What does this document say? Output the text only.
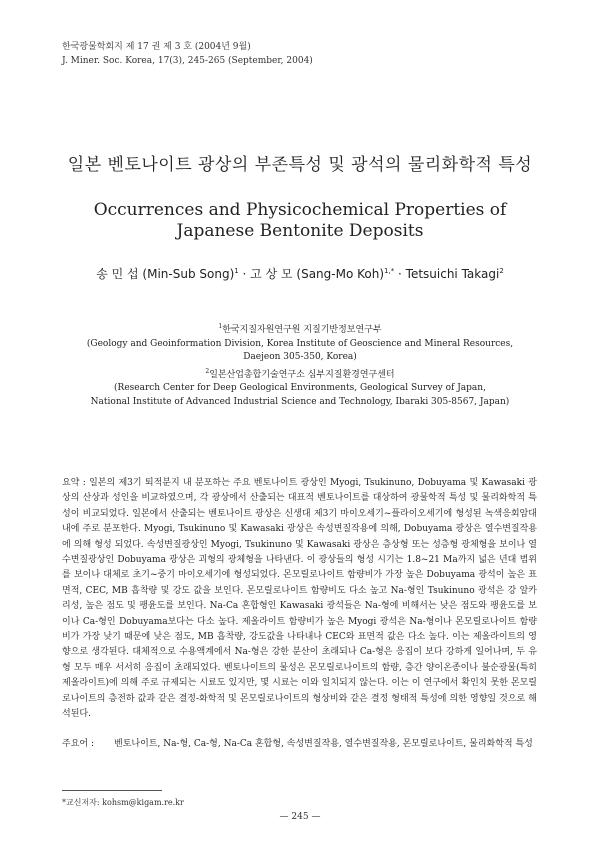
한국광물학회지 제 17 권 제 3 호 (2004년 9월)
J. Miner. Soc. Korea, 17(3), 245-265 (September, 2004)
일본 벤토나이트 광상의 부존특성 및 광석의 물리화학적 특성
Occurrences and Physicochemical Properties of
Japanese Bentonite Deposits
송 민 섭 (Min-Sub Song)$^1$ · 고 상 모 (Sang-Mo Koh)$^{1,*}$ · Tetsuichi Takagi$^2$
$^1$한국지질자원연구원 지질기반정보연구부
(Geology and Geoinformation Division, Korea Institute of Geoscience and Mineral Resources,
Daejeon 305-350, Korea)
$^2$일본산업총합기술연구소 심부지질환경연구센터
(Research Center for Deep Geological Environments, Geological Survey of Japan,
National Institute of Advanced Industrial Science and Technology, Ibaraki 305-8567, Japan)
요약 : 일본의 제3기 퇴적분지 내 분포하는 주요 벤토나이트 광상인 Myogi, Tsukinuno, Dobuyama 및 Kawasaki 광상의 산상과 성인을 비교하였으며, 각 광상에서 산출되는 대표적 벤토나이트를 대상하여 광물학적 특성 및 물리화학적 특성이 비교되었다. 일본에서 산출되는 벤토나이트 광상은 신생대 제3기 마이오세기~플라이오세기에 형성된 녹색응회암대 내에 주로 분포한다. Myogi, Tsukinuno 및 Kawasaki 광상은 속성변질작용에 의해, Dobuyama 광상은 열수변질작용에 의해 형성 되었다. 속성변질광상인 Myogi, Tsukinuno 및 Kawasaki 광상은 층상형 또는 성층형 광체형을 보이나 열수변질광상인 Dobuyama 광상은 괴형의 광체형을 나타낸다. 이 광상들의 형성 시기는 1.8~21 Ma까지 넓은 년대 범위를 보이나 대체로 초기~중기 마이오세기에 형성되었다. 몬모릴로나이트 함량비가 가장 높은 Dobuyama 광석이 높은 표면적, CEC, MB 흡착량 및 강도 값을 보인다. 몬모릴로나이트 함량비도 다소 높고 Na-형인 Tsukinuno 광석은 강 알카리성, 높은 점도 및 팽윤도를 보인다. Na-Ca 혼합형인 Kawasaki 광석들은 Na-형에 비해서는 낮은 점도와 팽윤도를 보이나 Ca-형인 Dobuyama보다는 다소 높다. 제올라이트 함량비가 높은 Myogi 광석은 Na-형이나 몬모릴로나이트 함량비가 가장 낮기 때문에 낮은 점도, MB 흡착량, 강도값을 나타내나 CEC와 표면적 값은 다소 높다. 이는 제올라이트의 영향으로 생각된다. 대체적으로 수용액계에서 Na-형은 강한 분산이 초래되나 Ca-형은 응집이 보다 강하게 일어나며, 두 유형 모두 매우 서서히 응집이 초래되었다. 벤토나이트의 물성은 몬모릴로나이트의 함량, 층간 양이온종이나 불순광물(특히 제올라이트)에 의해 주로 규제되는 시료도 있지만, 몇 시료는 이와 일치되지 않는다. 이는 이 연구에서 확인치 못한 몬모릴로나이트의 층전하 값과 같은 결정-화학적 및 몬모릴로나이트의 형상비와 같은 결정 형태적 특성에 의한 영향일 것으로 해석된다.
주요어 : 벤토나이트, Na-형, Ca-형, Na-Ca 혼합형, 속성변질작용, 열수변질작용, 몬모릴로나이트, 물리화학적 특성
*교신저자: kohsm@kigam.re.kr
— 245 —
